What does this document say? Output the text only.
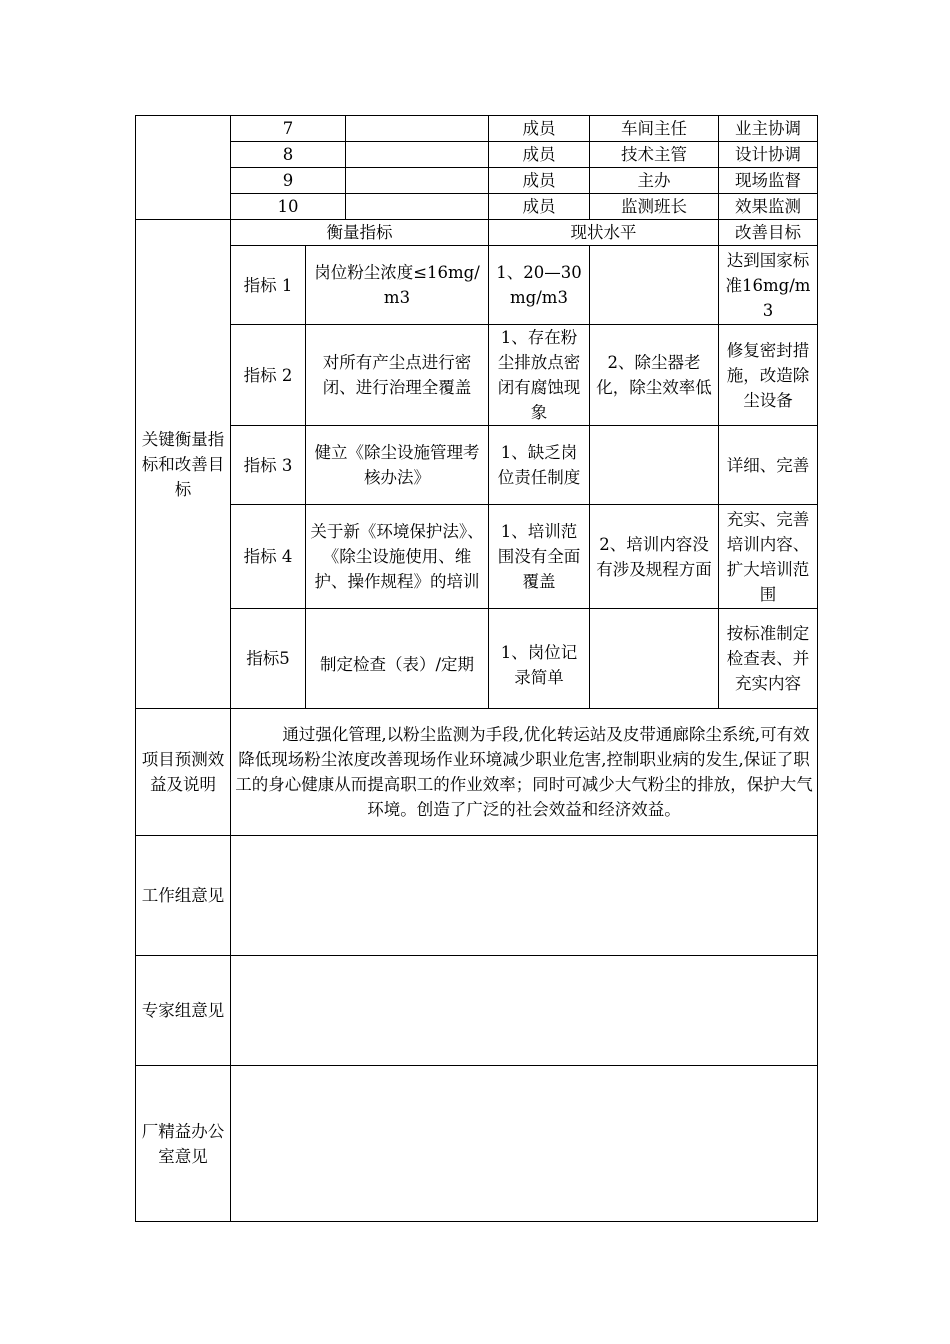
	7			成员	车间主任	业主协调
	8			成员	技术主管	设计协调
	9			成员	主办	现场监督
	10			成员	监测班长	效果监测
关键衡量指标和改善目标	衡量指标			现状水平		改善目标
	指标 1	岗位粉尘浓度≤16mg/m3		1、20—30 mg/m3		达到国家标准16mg/m3
	指标 2	对所有产尘点进行密闭、进行治理全覆盖		1、存在粉尘排放点密闭有腐蚀现象	2、除尘器老化，除尘效率低	修复密封措施，改造除尘设备
	指标 3	健立《除尘设施管理考核办法》		1、缺乏岗位责任制度		详细、完善
	指标 4	关于新《环境保护法》、《除尘设施使用、维护、操作规程》的培训		1、培训范围没有全面覆盖	2、培训内容没有涉及规程方面	充实、完善培训内容、扩大培训范围
	指标5	制定检查（表）/定期		1、岗位记录简单		按标准制定检查表、并充实内容
项目预测效益及说明	通过强化管理,以粉尘监测为手段,优化转运站及皮带通廊除尘系统,可有效降低现场粉尘浓度改善现场作业环境减少职业危害,控制职业病的发生,保证了职工的身心健康从而提高职工的作业效率；同时可减少大气粉尘的排放，保护大气环境。创造了广泛的社会效益和经济效益。					
工作组意见						
专家组意见						
厂精益办公室意见						
